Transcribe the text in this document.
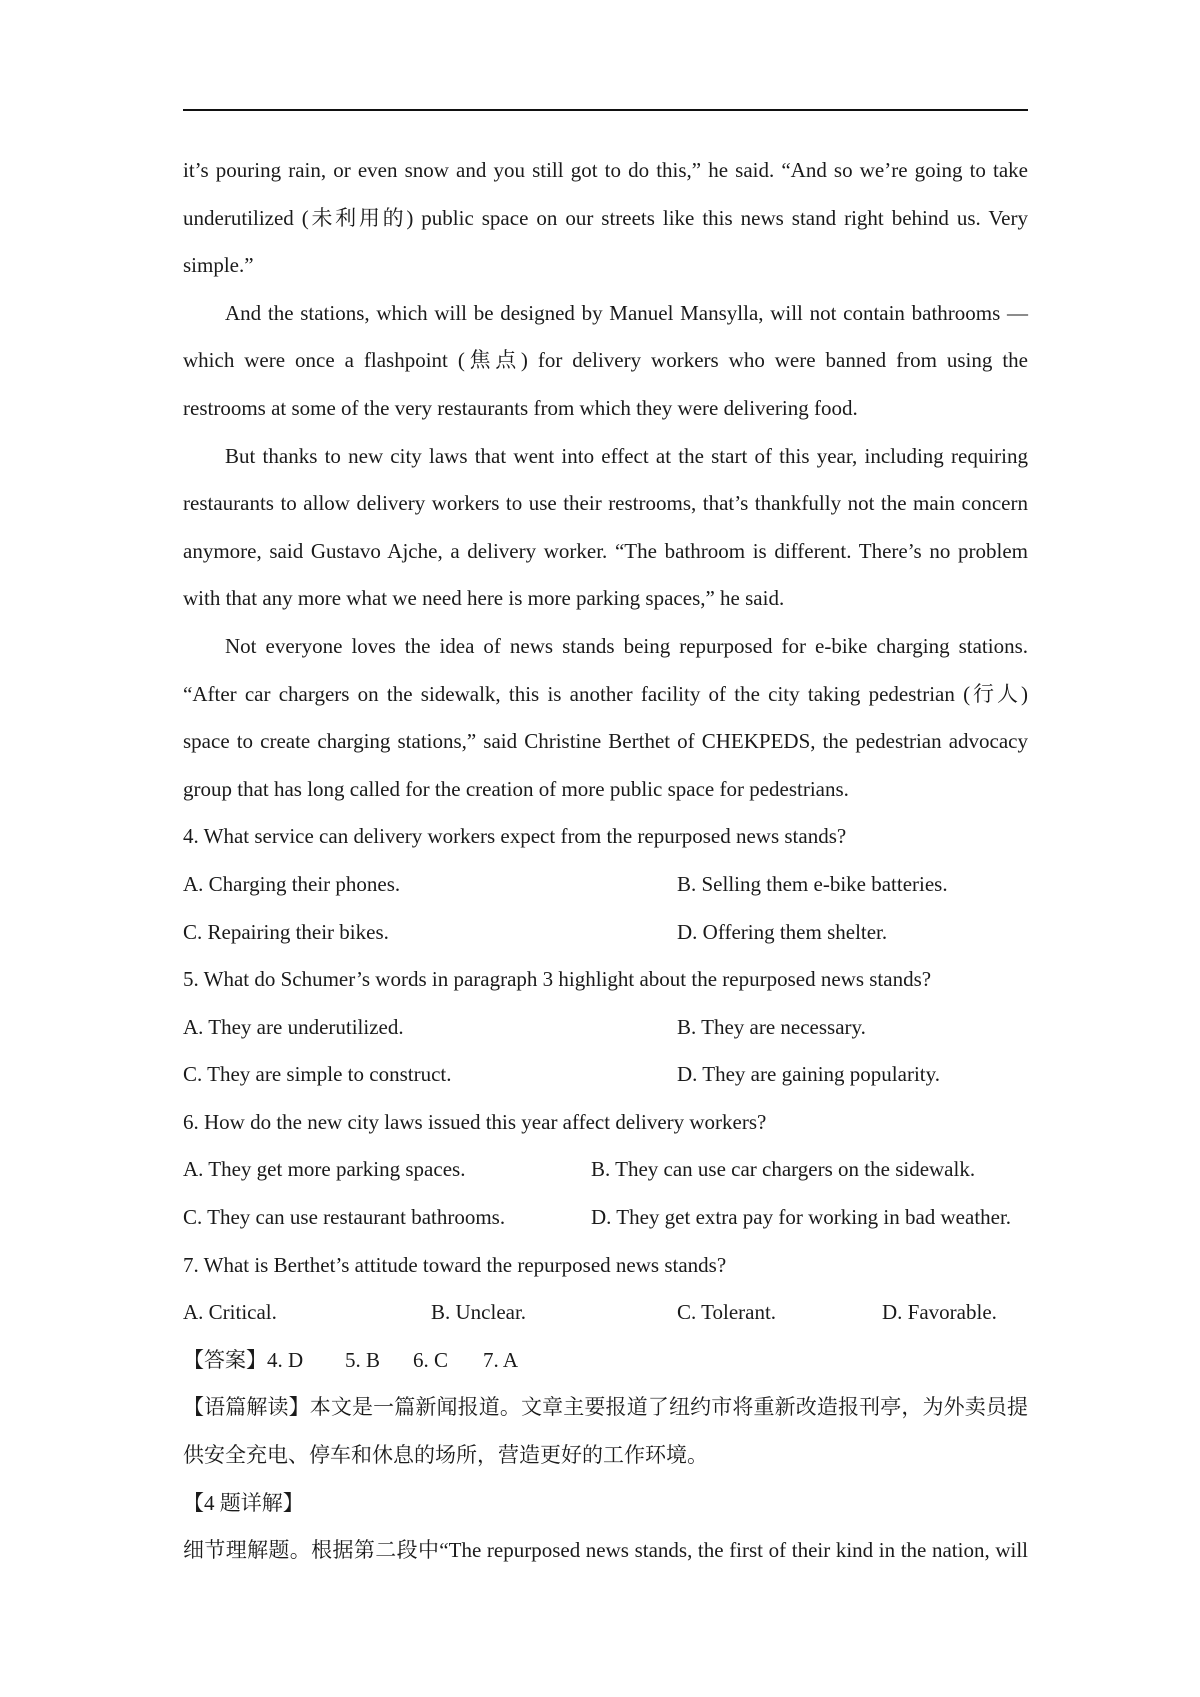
it’s pouring rain, or even snow and you still got to do this,” he said. “And so we’re going to take
underutilized (未利用的) public space on our streets like this news stand right behind us. Very
simple.”
And the stations, which will be designed by Manuel Mansylla, will not contain bathrooms —
which were once a flashpoint (焦点) for delivery workers who were banned from using the
restrooms at some of the very restaurants from which they were delivering food.
But thanks to new city laws that went into effect at the start of this year, including requiring
restaurants to allow delivery workers to use their restrooms, that’s thankfully not the main concern
anymore, said Gustavo Ajche, a delivery worker. “The bathroom is different. There’s no problem
with that any more what we need here is more parking spaces,” he said.
Not everyone loves the idea of news stands being repurposed for e-bike charging stations.
“After car chargers on the sidewalk, this is another facility of the city taking pedestrian (行人)
space to create charging stations,” said Christine Berthet of CHEKPEDS, the pedestrian advocacy
group that has long called for the creation of more public space for pedestrians.
4. What service can delivery workers expect from the repurposed news stands?
A. Charging their phones.	B. Selling them e-bike batteries.
C. Repairing their bikes.	D. Offering them shelter.
5. What do Schumer’s words in paragraph 3 highlight about the repurposed news stands?
A. They are underutilized.	B. They are necessary.
C. They are simple to construct.	D. They are gaining popularity.
6. How do the new city laws issued this year affect delivery workers?
A. They get more parking spaces.	B. They can use car chargers on the sidewalk.
C. They can use restaurant bathrooms.	D. They get extra pay for working in bad weather.
7. What is Berthet’s attitude toward the repurposed news stands?
A. Critical.	B. Unclear.	C. Tolerant.	D. Favorable.
【答案】4. D 5. B 6. C 7. A
【语篇解读】本文是一篇新闻报道。文章主要报道了纽约市将重新改造报刊亭，为外卖员提
供安全充电、停车和休息的场所，营造更好的工作环境。
【4 题详解】
细节理解题。根据第二段中“The repurposed news stands, the first of their kind in the nation, will
